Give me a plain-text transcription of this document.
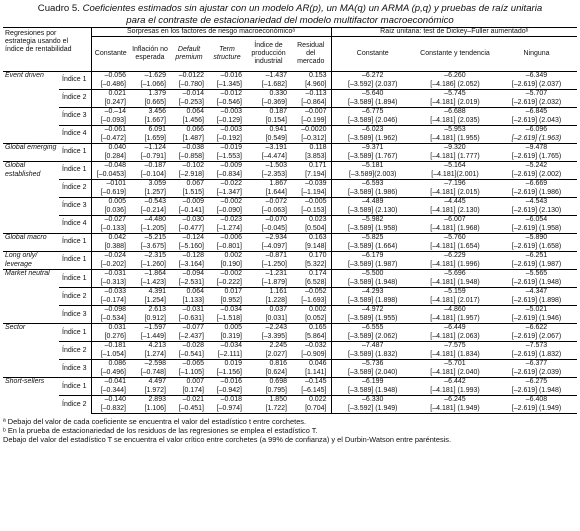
Cuadro 5. Coeficientes estimados sin ajustar con un modelo AR(p), un MA(q) un ARMA (p,q) y pruebas de raíz unitaria
para el contraste de estacionariedad del modelo multifactor macroeconómico
Regresiones por estrategia usando el índice de rentabilidad		Sorpresas en los factores de riesgo macroeconómicoᵃ						Raíz unitaria: test de Dickey–Fuller aumentadoᵇ		
		Constante	Inflación no esperada	Default premium	Term structure	Índice de producción industrial	Residual del mercado	Constante	Constante y tendencia	Ninguna
Event driven	Índice 1	–0.056	–1.629	–0.0122	–0.016	–1.437	0.153	–6.272	–6.260	–6.349
		[–0.486]	[–1.066]	[–0.780]	[–1.345]	[–1.682]	[4.960]	[–3.592] (2.037)	[–4.186] (2.052)	[–2.619] (2.037)
	Índice 2	0.021	1.379	–0.014	–0.012	0.330	–0.113	–5.640	–5.745	–5.707
		[0.247]	[0.665]	[–0.253]	[–0.546]	[–0.369]	[–0.864]	[–3.589] (1.894)	[–4.181] (2.019)	[–2.619] (2.032)
	Índice 3	–0.–14	3.456	0.064	–0.003	0.187	–0.007	–6.775	–6.688	–6.845
		[–0.093]	[1.667]	[1.456]	[–0.129]	[0.154]	[–0.199]	[–3.589] (2.046)	[–4.181] (2.035)	[–2.619] (2.043)
	Índice 4	–0.061	6.091	0.066	–0.003	0.941	–0.0020	–6.023	–5.953	–6.096
		[–0.472]	[1.659]	[1.487]	[–0.192]	[0.549]	[–0.312]	[–3.589] (1.962)	[–4.181] (1.955)	[–2.619] (1.963)
Global emerging	Índice 1	0.040	–1.124	–0.038	–0.019	–3.191	0.118	–9.371	–9.320	–9.478
		[0.284]	[–0.791]	[–0.858]	[–1.553]	[–4.474]	[3.853]	[–3.589] (1.767)	[–4.181] (1.777)	[–2.619] (1.765)
Global established	Índice 1	–0.048	–0.187	–0.102	–0.009	–1.503	0.171	–5.181	–5.164	–5.242
		[–0.0453]	[–0.104]	[–2.918]	[–0.834]	[–2.353]	[7.194]	[–3.589](2.003)	[–4.181](2.001)	[–2.619] (2.002)
	Índice 2	–0101	3.059	0.067	–0.022	1.867	–0.039	–6.593	–7.196	–6.669
		[–0.619]	[1.257]	[1.515]	[–1.347]	[1.644]	[–1.194]	[–3.589] (1.986)	[–4.181] (2.015)	[–2.619] (1.986)
	Índice 3	0.005	–0.543	–0.009	–0.002	–0.072	–0.005	–4.489	–4.445	–4.543
		[0.036]	[–0.214]	[–0.141]	[–0.090]	[–0.063]	[–0.153]	[–3.589] (2.130)	[–4.181] (2.130)	[–2.619] (2.130)
	Índice 4	–0.027	–4.480	–0.030	–0.023	–0.070	0.023	–5.982	–6.007	–6.054
		[–0.133]	[–1.205]	[–0.477]	[–1.274]	[–0.045]	[0.504]	[–3.589] (1.958)	[–4.181] (1.968)	[–2.619] (1.958)
Global macro	Índice 1	0.042	–5.215	–0.124	–0.006	–2.934	0.163	–5.825	–5.760	–5.890
		[0.388]	[–3.675]	[–5.160]	[–0.801]	[–4.097]	[9.148]	[–3.589] (1.664)	[–4.181] (1.654)	[–2.619] (1.658)
Long only/ leverage	Índice 1	–0.024	–2.315	–0.128	0.002	–0.871	0.170	–6.179	–6.229	–6.251
		[–0.202]	[–1.260]	[–3.164]	[0.190]	[–1.250]	[5.322]	[–3.589] (1.987)	[–4.181] (1.996)	[–2.619] (1.987)
Market neutral	Índice 1	–0.031	–1.864	–0.094	–0.002	–1.231	0.174	–5.500	–5.696	–5.565
		[–0.313]	[–1.423]	[–2.531]	[–0.222]	[–1.879]	[6.528]	[–3.589] (1.948)	[–4.181] (1.948)	[–2.619] (1.948)
	Índice 2	–0.033	4.391	0.064	0.017	1.161	–0.052	–4.293	–5.159	–4.347
		[–0.174]	[1.254]	[1.133]	[0.952]	[1.228]	[–1.693]	[–3.589] (1.898)	[–4.181] (2.017)	[–2.619] (1.898)
	Índice 3	–0.098	2.613	–0.031	–0.034	0.037	0.002	–4.972	–4.860	–5.021
		[–0.534]	[0.912]	[–0.631]	[–1.518]	[0.031]	[0.052]	[–3.589] (1.955)	[–4.181] (1.957)	[–2.619] (1.946)
Sector	Índice 1	0.031	–1.597	–0.077	0.005	–2.243	0.165	–6.555	–6.449	–6.622
		[0.276]	[–1.449]	[–2.437]	[0.319]	[–3.395]	[5.864]	[–3.589] (2.062)	[–4.181] (2.063)	[–2.619] (2.067)
	Índice 2	–0.181	4.213	–0.028	–0.034	2.245	–0.032	–7.487	–7.575	–7.573
		[–1.054]	[1.274]	[–0.541]	[–2.111]	[2.027]	[–0.909]	[–3.589] (1.832)	[–4.181] (1.834)	[–2.619] (1.832)
	Índice 3	0.086	–2.598	–0.065	0.019	0.816	0.046	–5.736	–5.701	–6.377
		[–0.496]	[–0.748]	[–1.105]	[–1.156]	[0.624]	[1.141]	[–3.589] (2.040)	[–4.181] (2.040)	[–2.619] (2.039)
Short-sellers	Índice 1	–0.041	4.497	0.007	–0.016	0.698	–0.145	–6.199	–6.442	–6.275
		[–0.344]	[1.972]	[0.174]	[–0.942]	[0.795]	[–6.145]	[–3.589] (1.948)	[–4.181] (1.993)	[–2.619] (1.948)
	Índice 2	–0.140	2.893	–0.021	–0.018	1.850	0.022	–6.330	–6.245	–6.408
		[–0.832]	[1.106]	[–0.451]	[–0.974]	[1.722]	[0.704]	[–3.592] (1.949)	[–4.181] (1.949)	[–2.619] (1.949)
ª Debajo del valor de cada coeficiente se encuentra el valor del estadístico t entre corchetes.
ᵇ En la prueba de estacionariedad de los residuos de las regresiones se emplea el estadístico T.
Debajo del valor del estadístico T se encuentra el valor crítico entre corchetes (a 99% de confianza) y el Durbin-Watson entre paréntesis.
